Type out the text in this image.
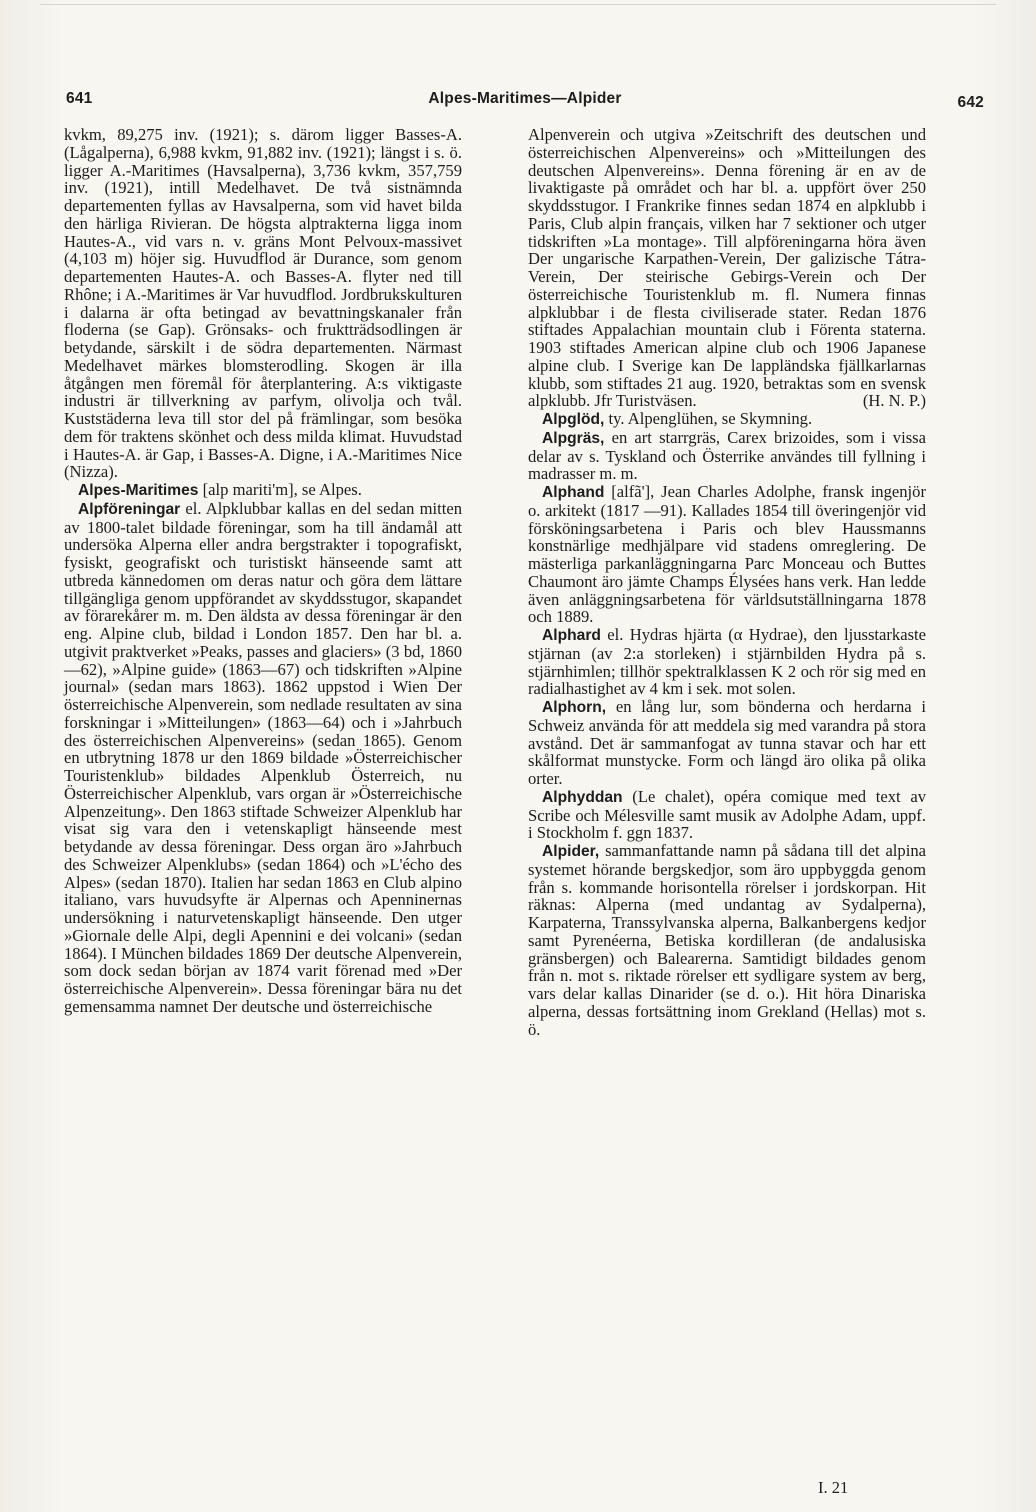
641	Alpes-Maritimes—Alpider	642

kvkm, 89,275 inv. (1921); s. därom ligger Basses-A. (Lågalperna), 6,988 kvkm, 91,882 inv. (1921); längst i s. ö. ligger A.-Maritimes (Havsalperna), 3,736 kvkm, 357,759 inv. (1921), intill Medelhavet. De två sistnämnda departementen fyllas av Havsalperna, som vid havet bilda den härliga Rivieran. De högsta alptrakterna ligga inom Hautes-A., vid vars n. v. gräns Mont Pelvoux-massivet (4,103 m) höjer sig. Huvudflod är Durance, som genom departementen Hautes-A. och Basses-A. flyter ned till Rhône; i A.-Maritimes är Var huvudflod. Jordbrukskulturen i dalarna är ofta betingad av bevattningskanaler från floderna (se Gap). Grönsaks- och fruktträdsodlingen är betydande, särskilt i de södra departementen. Närmast Medelhavet märkes blomsterodling. Skogen är illa åtgången men föremål för återplantering. A:s viktigaste industri är tillverkning av parfym, olivolja och tvål. Kuststäderna leva till stor del på främlingar, som besöka dem för traktens skönhet och dess milda klimat. Huvudstad i Hautes-A. är Gap, i Basses-A. Digne, i A.-Maritimes Nice (Nizza).

Alpes-Maritimes [alp mariti'm], se Alpes.

Alpföreningar el. Alpklubbar kallas en del sedan mitten av 1800-talet bildade föreningar, som ha till ändamål att undersöka Alperna eller andra bergstrakter i topografiskt, fysiskt, geografiskt och turistiskt hänseende samt att utbreda kännedomen om deras natur och göra dem lättare tillgängliga genom uppförandet av skyddsstugor, skapandet av förarekårer m. m. Den äldsta av dessa föreningar är den eng. Alpine club, bildad i London 1857. Den har bl. a. utgivit praktverket »Peaks, passes and glaciers» (3 bd, 1860—62), »Alpine guide» (1863—67) och tidskriften »Alpine journal» (sedan mars 1863). 1862 uppstod i Wien Der österreichische Alpenverein, som nedlade resultaten av sina forskningar i »Mitteilungen» (1863—64) och i »Jahrbuch des österreichischen Alpenvereins» (sedan 1865). Genom en utbrytning 1878 ur den 1869 bildade »Österreichischer Touristenklub» bildades Alpenklub Österreich, nu Österreichischer Alpenklub, vars organ är »Österreichische Alpenzeitung». Den 1863 stiftade Schweizer Alpenklub har visat sig vara den i vetenskapligt hänseende mest betydande av dessa föreningar. Dess organ äro »Jahrbuch des Schweizer Alpenklubs» (sedan 1864) och »L'écho des Alpes» (sedan 1870). Italien har sedan 1863 en Club alpino italiano, vars huvudsyfte är Alpernas och Apenninernas undersökning i naturvetenskapligt hänseende. Den utger »Giornale delle Alpi, degli Apennini e dei volcani» (sedan 1864). I München bildades 1869 Der deutsche Alpenverein, som dock sedan början av 1874 varit förenad med »Der österreichische Alpenverein». Dessa föreningar bära nu det gemensamma namnet Der deutsche und österreichische

Alpenverein och utgiva »Zeitschrift des deutschen und österreichischen Alpenvereins» och »Mitteilungen des deutschen Alpenvereins». Denna förening är en av de livaktigaste på området och har bl. a. uppfört över 250 skyddsstugor. I Frankrike finnes sedan 1874 en alpklubb i Paris, Club alpin français, vilken har 7 sektioner och utger tidskriften »La montage». Till alpföreningarna höra även Der ungarische Karpathen-Verein, Der galizische Tátra-Verein, Der steirische Gebirgs-Verein och Der österreichische Touristenklub m. fl. Numera finnas alpklubbar i de flesta civiliserade stater. Redan 1876 stiftades Appalachian mountain club i Förenta staterna. 1903 stiftades American alpine club och 1906 Japanese alpine club. I Sverige kan De lappländska fjällkarlarnas klubb, som stiftades 21 aug. 1920, betraktas som en svensk alpklubb. Jfr Turistväsen.	(H. N. P.)

Alpglöd, ty. Alpenglühen, se Skymning.

Alpgräs, en art starrgräs, Carex brizoides, som i vissa delar av s. Tyskland och Österrike användes till fyllning i madrasser m. m.

Alphand [alfã'], Jean Charles Adolphe, fransk ingenjör o. arkitekt (1817 —91). Kallades 1854 till överingenjör vid försköningsarbetena i Paris och blev Haussmanns konstnärlige medhjälpare vid stadens omreglering. De mästerliga parkanläggningarna Parc Monceau och Buttes Chaumont äro jämte Champs Élysées hans verk. Han ledde även anläggningsarbetena för världsutställningarna 1878 och 1889.

Alphard el. Hydras hjärta (α Hydrae), den ljusstarkaste stjärnan (av 2:a storleken) i stjärnbilden Hydra på s. stjärnhimlen; tillhör spektralklassen K 2 och rör sig med en radialhastighet av 4 km i sek. mot solen.

Alphorn, en lång lur, som bönderna och herdarna i Schweiz använda för att meddela sig med varandra på stora avstånd. Det är sammanfogat av tunna stavar och har ett skålformat munstycke. Form och längd äro olika på olika orter.

Alphyddan (Le chalet), opéra comique med text av Scribe och Mélesville samt musik av Adolphe Adam, uppf. i Stockholm f. ggn 1837.

Alpider, sammanfattande namn på sådana till det alpina systemet hörande bergskedjor, som äro uppbyggda genom från s. kommande horisontella rörelser i jordskorpan. Hit räknas: Alperna (med undantag av Sydalperna), Karpaterna, Transsylvanska alperna, Balkanbergens kedjor samt Pyrenéerna, Betiska kordilleran (de andalusiska gränsbergen) och Balearerna. Samtidigt bildades genom från n. mot s. riktade rörelser ett sydligare system av berg, vars delar kallas Dinarider (se d. o.). Hit höra Dinariska alperna, dessas fortsättning inom Grekland (Hellas) mot s. ö.

I. 21
